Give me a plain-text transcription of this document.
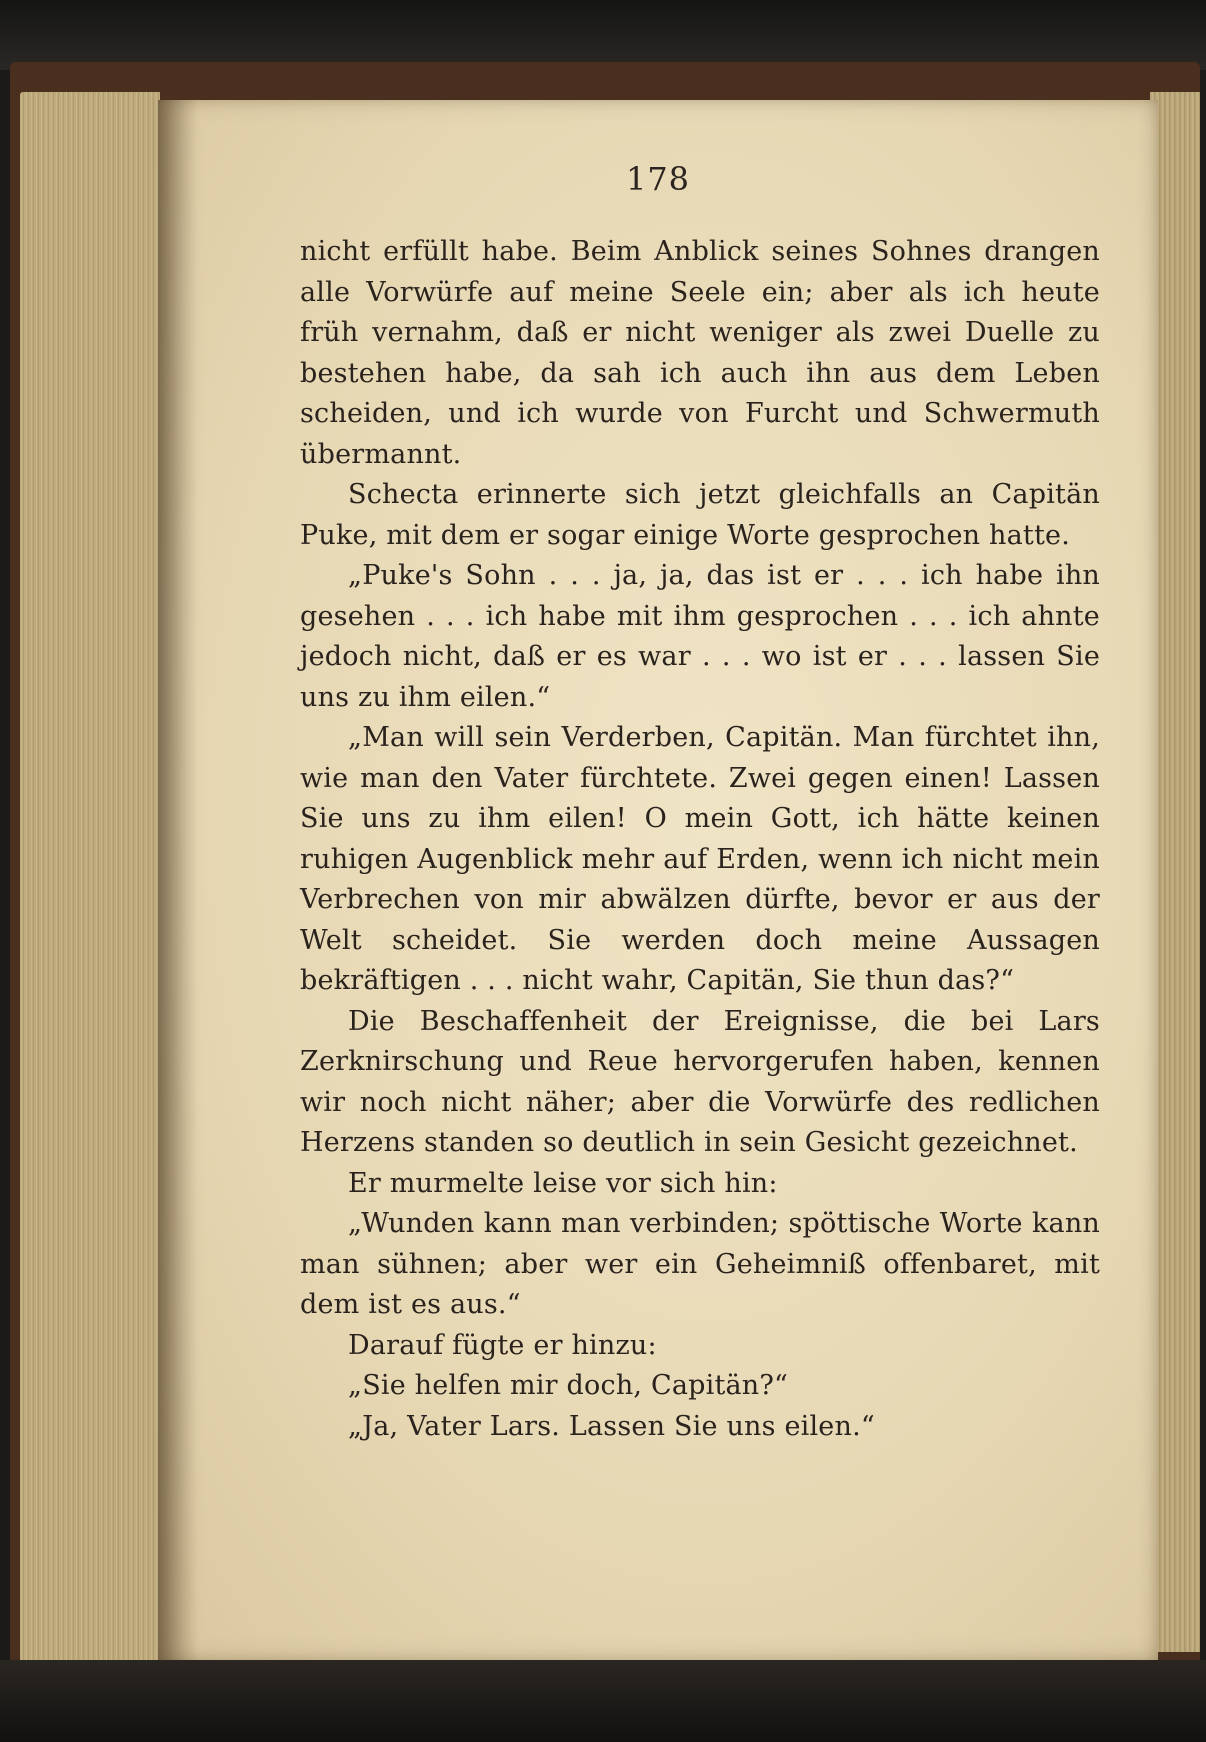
178

nicht erfüllt habe. Beim Anblick seines Sohnes drangen alle Vorwürfe auf meine Seele ein; aber als ich heute früh vernahm, daß er nicht weniger als zwei Duelle zu bestehen habe, da sah ich auch ihn aus dem Leben scheiden, und ich wurde von Furcht und Schwermuth übermannt.

Schecta erinnerte sich jetzt gleichfalls an Capitän Puke, mit dem er sogar einige Worte gesprochen hatte.

„Puke's Sohn . . . ja, ja, das ist er . . . ich habe ihn gesehen . . . ich habe mit ihm gesprochen . . . ich ahnte jedoch nicht, daß er es war . . . wo ist er . . . lassen Sie uns zu ihm eilen.“

„Man will sein Verderben, Capitän. Man fürchtet ihn, wie man den Vater fürchtete. Zwei gegen einen! Lassen Sie uns zu ihm eilen! O mein Gott, ich hätte keinen ruhigen Augenblick mehr auf Erden, wenn ich nicht mein Verbrechen von mir abwälzen dürfte, bevor er aus der Welt scheidet. Sie werden doch meine Aussagen bekräftigen . . . nicht wahr, Capitän, Sie thun das?“

Die Beschaffenheit der Ereignisse, die bei Lars Zerknirschung und Reue hervorgerufen haben, kennen wir noch nicht näher; aber die Vorwürfe des redlichen Herzens standen so deutlich in sein Gesicht gezeichnet.

Er murmelte leise vor sich hin:

„Wunden kann man verbinden; spöttische Worte kann man sühnen; aber wer ein Geheimniß offenbaret, mit dem ist es aus.“

Darauf fügte er hinzu:

„Sie helfen mir doch, Capitän?“

„Ja, Vater Lars. Lassen Sie uns eilen.“
